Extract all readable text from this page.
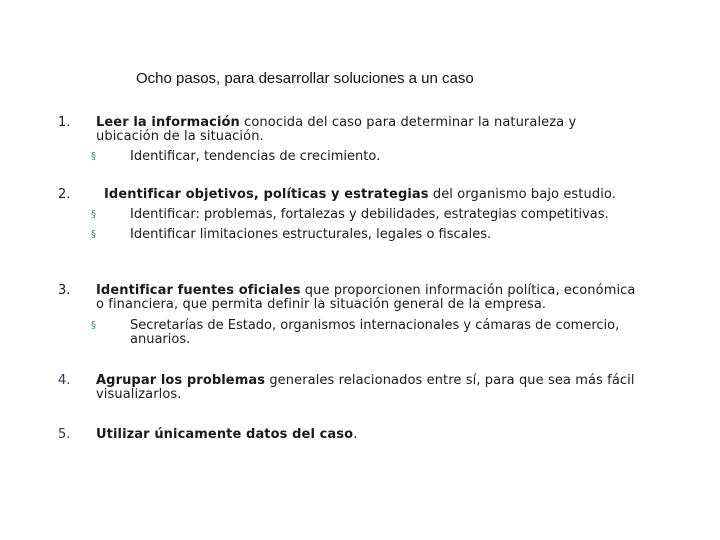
Ocho pasos, para desarrollar soluciones a un caso
1. Leer la información conocida del caso para determinar la naturaleza y
ubicación de la situación.
§	Identificar, tendencias de crecimiento.
2.	Identificar objetivos, políticas y estrategias del organismo bajo estudio.
§	Identificar: problemas, fortalezas y debilidades, estrategias competitivas.
§	Identificar limitaciones estructurales, legales o fiscales.
3. Identificar fuentes oficiales que proporcionen información política, económica
o financiera, que permita definir la situación general de la empresa.
§	Secretarías de Estado, organismos internacionales y cámaras de comercio,
anuarios.
4. Agrupar los problemas generales relacionados entre sí, para que sea más fácil
visualizarlos.
5. Utilizar únicamente datos del caso.
